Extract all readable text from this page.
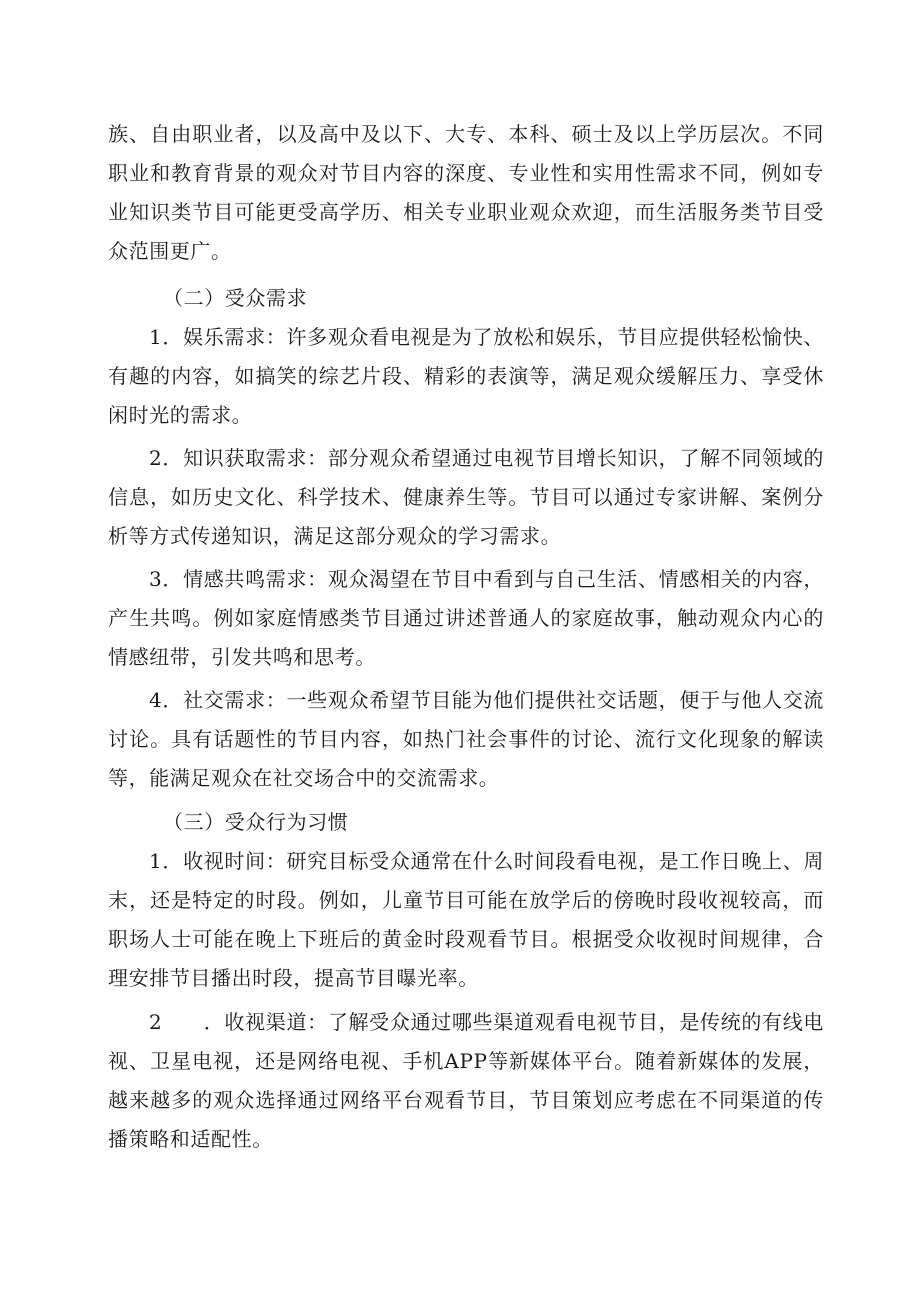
族、自由职业者，以及高中及以下、大专、本科、硕士及以上学历层次。不同职业和教育背景的观众对节目内容的深度、专业性和实用性需求不同，例如专业知识类节目可能更受高学历、相关专业职业观众欢迎，而生活服务类节目受众范围更广。

（二）受众需求

1．娱乐需求：许多观众看电视是为了放松和娱乐，节目应提供轻松愉快、有趣的内容，如搞笑的综艺片段、精彩的表演等，满足观众缓解压力、享受休闲时光的需求。

2．知识获取需求：部分观众希望通过电视节目增长知识，了解不同领域的信息，如历史文化、科学技术、健康养生等。节目可以通过专家讲解、案例分析等方式传递知识，满足这部分观众的学习需求。

3．情感共鸣需求：观众渴望在节目中看到与自己生活、情感相关的内容，产生共鸣。例如家庭情感类节目通过讲述普通人的家庭故事，触动观众内心的情感纽带，引发共鸣和思考。

4．社交需求：一些观众希望节目能为他们提供社交话题，便于与他人交流讨论。具有话题性的节目内容，如热门社会事件的讨论、流行文化现象的解读等，能满足观众在社交场合中的交流需求。

（三）受众行为习惯

1．收视时间：研究目标受众通常在什么时间段看电视，是工作日晚上、周末，还是特定的时段。例如，儿童节目可能在放学后的傍晚时段收视较高，而职场人士可能在晚上下班后的黄金时段观看节目。根据受众收视时间规律，合理安排节目播出时段，提高节目曝光率。

2　　．收视渠道：了解受众通过哪些渠道观看电视节目，是传统的有线电视、卫星电视，还是网络电视、手机APP等新媒体平台。随着新媒体的发展，越来越多的观众选择通过网络平台观看节目，节目策划应考虑在不同渠道的传播策略和适配性。
